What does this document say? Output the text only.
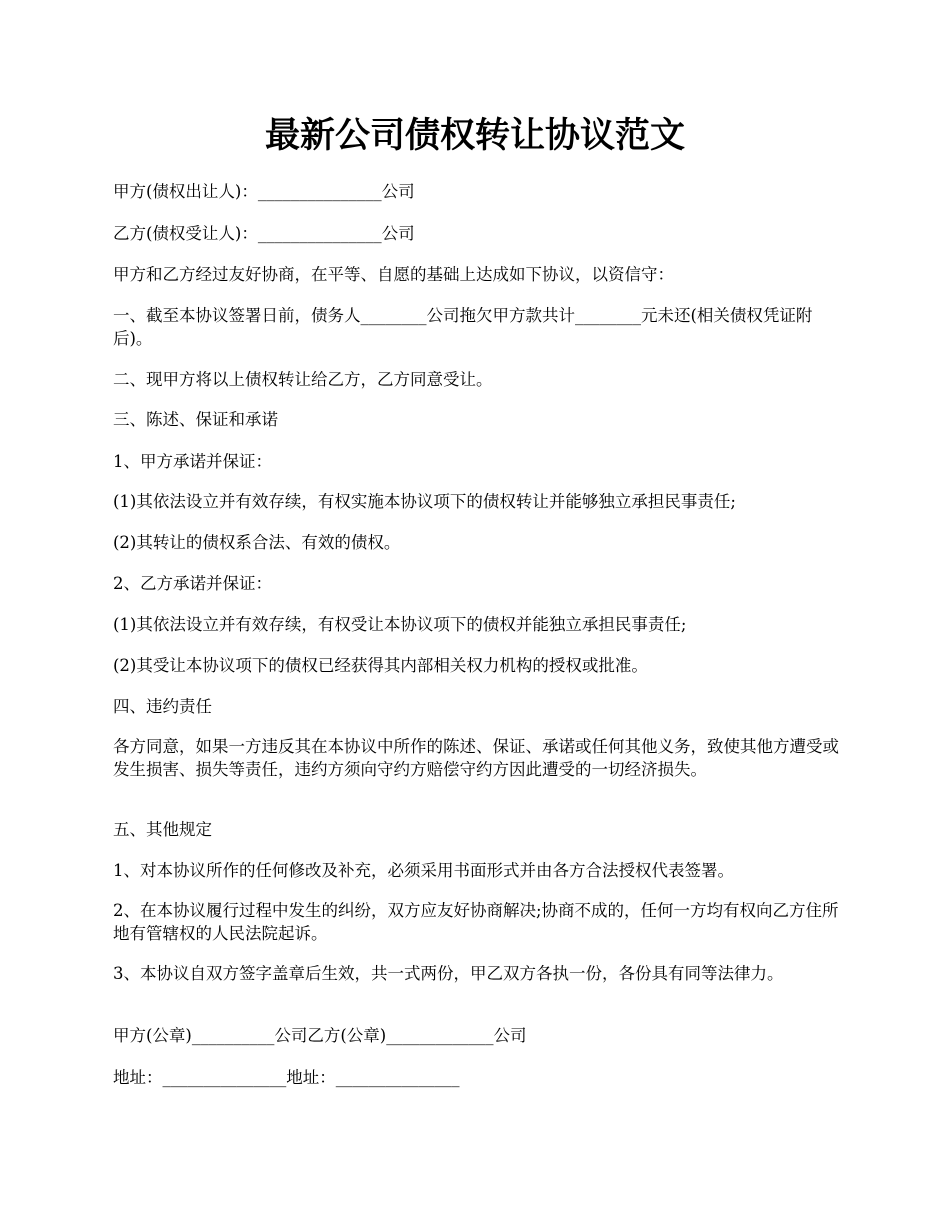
最新公司债权转让协议范文
甲方(债权出让人)：_______________公司
乙方(债权受让人)：_______________公司
甲方和乙方经过友好协商，在平等、自愿的基础上达成如下协议，以资信守：
一、截至本协议签署日前，债务人________公司拖欠甲方款共计________元未还(相关债权凭证附后)。
二、现甲方将以上债权转让给乙方，乙方同意受让。
三、陈述、保证和承诺
1、甲方承诺并保证：
(1)其依法设立并有效存续，有权实施本协议项下的债权转让并能够独立承担民事责任;
(2)其转让的债权系合法、有效的债权。
2、乙方承诺并保证：
(1)其依法设立并有效存续，有权受让本协议项下的债权并能独立承担民事责任;
(2)其受让本协议项下的债权已经获得其内部相关权力机构的授权或批准。
四、违约责任
各方同意，如果一方违反其在本协议中所作的陈述、保证、承诺或任何其他义务，致使其他方遭受或发生损害、损失等责任，违约方须向守约方赔偿守约方因此遭受的一切经济损失。
五、其他规定
1、对本协议所作的任何修改及补充，必须采用书面形式并由各方合法授权代表签署。
2、在本协议履行过程中发生的纠纷，双方应友好协商解决;协商不成的，任何一方均有权向乙方住所地有管辖权的人民法院起诉。
3、本协议自双方签字盖章后生效，共一式两份，甲乙双方各执一份，各份具有同等法律力。
甲方(公章)__________公司乙方(公章)_____________公司
地址：_______________地址：_______________
